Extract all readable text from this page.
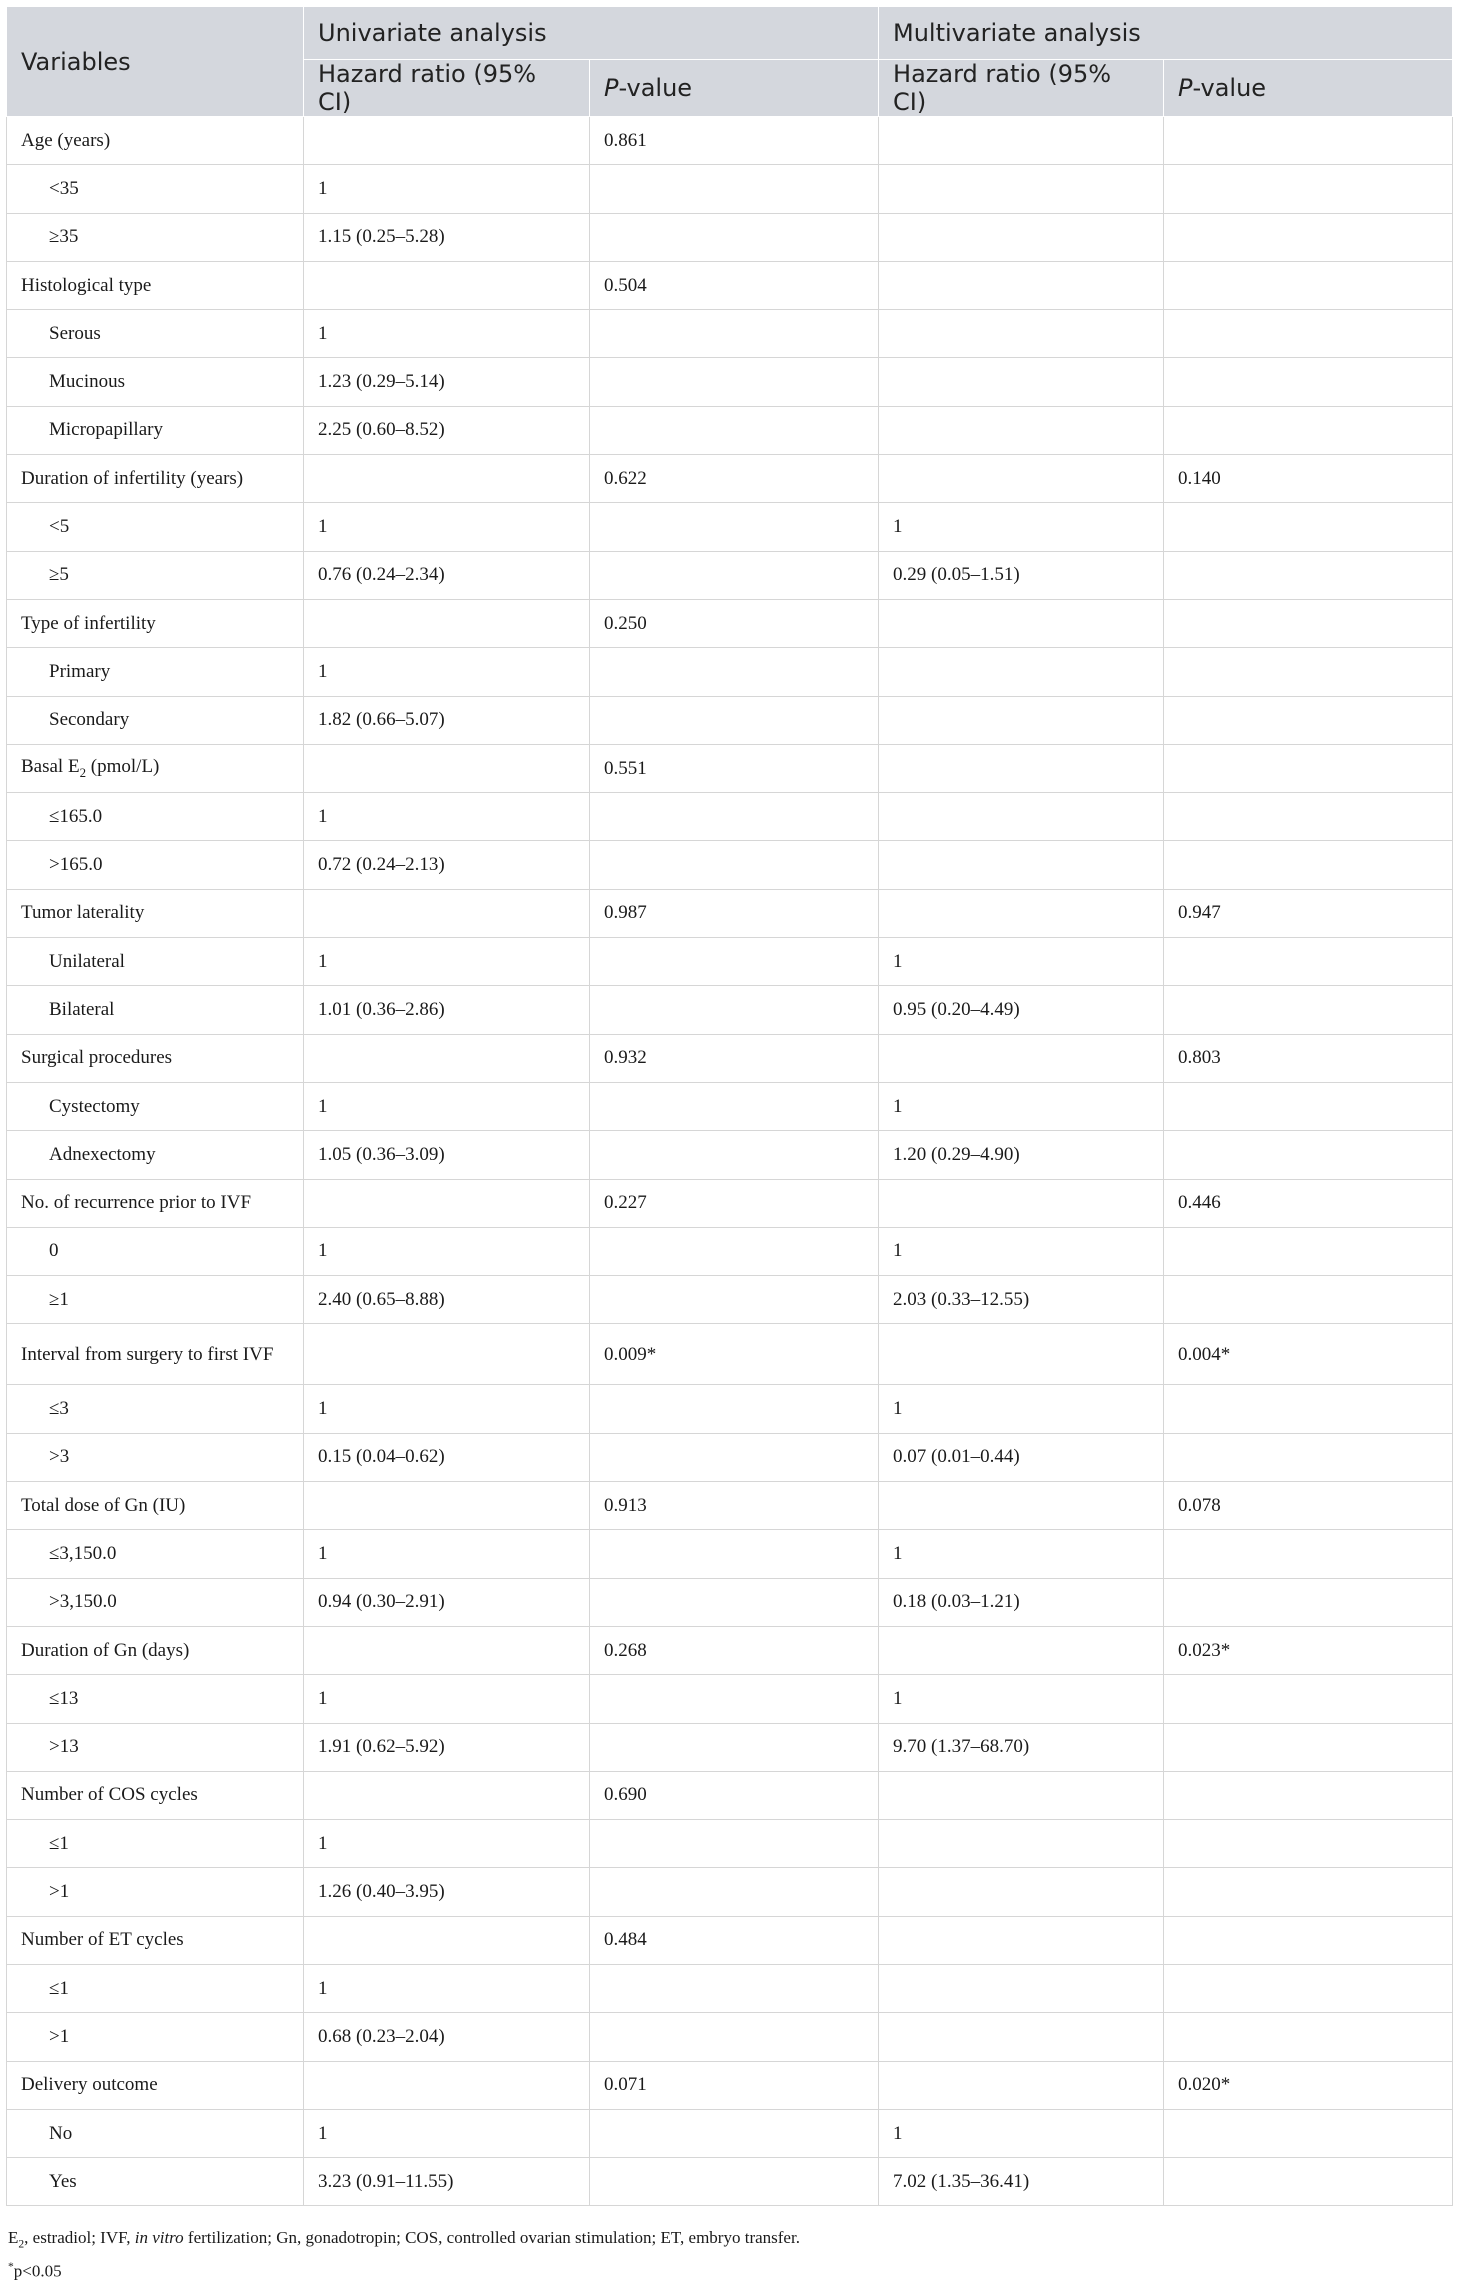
Variables	Univariate analysis		Multivariate analysis	
	Hazard ratio (95% CI)	P-value	Hazard ratio (95% CI)	P-value
Age (years)		0.861		
<35	1			
≥35	1.15 (0.25–5.28)			
Histological type		0.504		
Serous	1			
Mucinous	1.23 (0.29–5.14)			
Micropapillary	2.25 (0.60–8.52)			
Duration of infertility (years)		0.622		0.140
<5	1		1	
≥5	0.76 (0.24–2.34)		0.29 (0.05–1.51)	
Type of infertility		0.250		
Primary	1			
Secondary	1.82 (0.66–5.07)			
Basal $E_2$ (pmol/L)		0.551		
≤165.0	1			
>165.0	0.72 (0.24–2.13)			
Tumor laterality		0.987		0.947
Unilateral	1		1	
Bilateral	1.01 (0.36–2.86)		0.95 (0.20–4.49)	
Surgical procedures		0.932		0.803
Cystectomy	1		1	
Adnexectomy	1.05 (0.36–3.09)		1.20 (0.29–4.90)	
No. of recurrence prior to IVF		0.227		0.446
0	1		1	
≥1	2.40 (0.65–8.88)		2.03 (0.33–12.55)	
Interval from surgery to first IVF		0.009*		0.004*
≤3	1		1	
>3	0.15 (0.04–0.62)		0.07 (0.01–0.44)	
Total dose of Gn (IU)		0.913		0.078
≤3,150.0	1		1	
>3,150.0	0.94 (0.30–2.91)		0.18 (0.03–1.21)	
Duration of Gn (days)		0.268		0.023*
≤13	1		1	
>13	1.91 (0.62–5.92)		9.70 (1.37–68.70)	
Number of COS cycles		0.690		
≤1	1			
>1	1.26 (0.40–3.95)			
Number of ET cycles		0.484		
≤1	1			
>1	0.68 (0.23–2.04)			
Delivery outcome		0.071		0.020*
No	1		1	
Yes	3.23 (0.91–11.55)		7.02 (1.35–36.41)	
$E_2$, estradiol; IVF, in vitro fertilization; Gn, gonadotropin; COS, controlled ovarian stimulation; ET, embryo transfer.
*p<0.05
